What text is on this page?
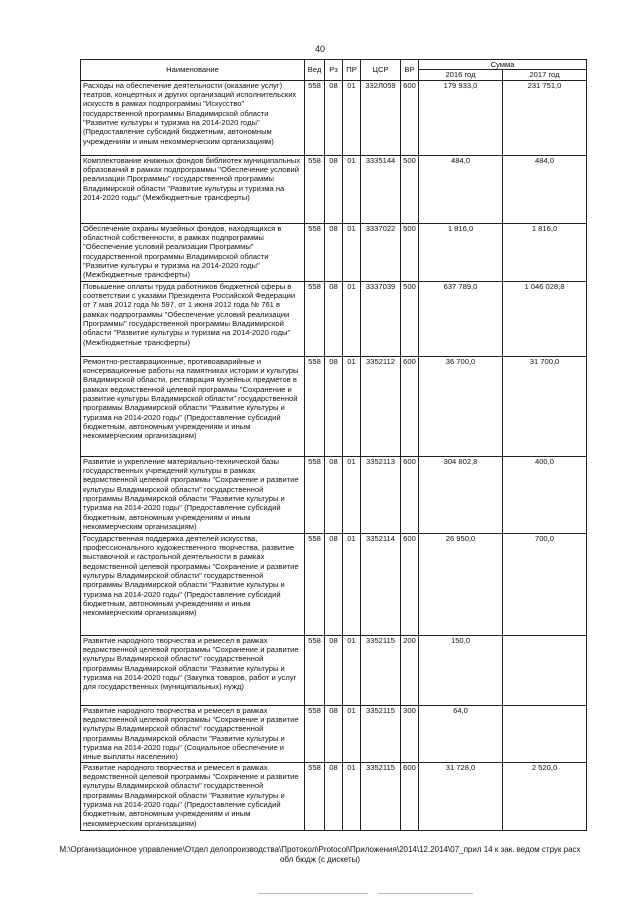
40
Наименование	Вед	Рз	ПР	ЦСР	ВР	Сумма	
						2016 год	2017 год
Расходы на обеспечение деятельности (оказание услуг) театров, концертных и других организаций исполнительских искусств в рамках подпрограммы "Искусство" государственной программы Владимирской области "Развитие культуры и туризма на 2014-2020 годы" (Предоставление субсидий бюджетным, автономным учреждениям и иным некоммерческим организациям)	558	08	01	332Л059	600	179 933,0	231 751,0
Комплектование книжных фондов библиотек муниципальных образований в рамках подпрограммы "Обеспечение условий реализации Программы" государственной программы Владимирской области "Развитие культуры и туризма на 2014-2020 годы" (Межбюджетные трансферты)	558	08	01	3335144	500	484,0	484,0
Обеспечение охраны музейных фондов, находящихся в областной собственности, в рамках подпрограммы "Обеспечение условий реализации Программы" государственной программы Владимирской области "Развитие культуры и туризма на 2014-2020 годы" (Межбюджетные трансферты)	558	08	01	3337022	500	1 816,0	1 816,0
Повышение оплаты труда работников бюджетной сферы в соответствии с указами Президента Российской Федерации от 7 мая 2012 года № 597, от 1 июня 2012 года № 761 в рамках подпрограммы "Обеспечение условий реализации Программы" государственной программы Владимирской области "Развитие культуры и туризма на 2014-2020 годы" (Межбюджетные трансферты)	558	08	01	3337039	500	637 789,0	1 046 028,8
Ремонтно-реставрационные, противоаварийные и консервационные работы на памятниках истории и культуры Владимирской области, реставрация музейных предметов в рамках ведомственной целевой программы "Сохранение и развитие культуры Владимирской области" государственной программы Владимирской области "Развитие культуры и туризма на 2014-2020 годы" (Предоставление субсидий бюджетным, автономным учреждениям и иным некоммерческим организациям)	558	08	01	3352112	600	36 700,0	31 700,0
Развитие и укрепление материально-технической базы государственных учреждений культуры в рамках ведомственной целевой программы "Сохранение и развитие культуры Владимирской области" государственной программы Владимирской области "Развитие культуры и туризма на 2014-2020 годы" (Предоставление субсидий бюджетным, автономным учреждениям и иным некоммерческим организациям)	558	08	01	3352113	600	304 802,8	400,0
Государственная поддержка деятелей искусства, профессионального художественного творчества, развитие выставочной и гастрольной деятельности в рамках ведомственной целевой программы "Сохранение и развитие культуры Владимирской области" государственной программы Владимирской области "Развитие культуры и туризма на 2014-2020 годы" (Предоставление субсидий бюджетным, автономным учреждениям и иным некоммерческим организациям)	558	08	01	3352114	600	26 950,0	700,0
Развитие народного творчества и ремесел в рамках ведомственной целевой программы "Сохранение и развитие культуры Владимирской области" государственной программы Владимирской области "Развитие культуры и туризма на 2014-2020 годы" (Закупка товаров, работ и услуг для государственных (муниципальных) нужд)	558	08	01	3352115	200	150,0	
Развитие народного творчества и ремесел в рамках ведомственной целевой программы "Сохранение и развитие культуры Владимирской области" государственной программы Владимирской области "Развитие культуры и туризма на 2014-2020 годы" (Социальное обеспечение и иные выплаты населению)	558	08	01	3352115	300	64,0	
Развитие народного творчества и ремесел в рамках ведомственной целевой программы "Сохранение и развитие культуры Владимирской области" государственной программы Владимирской области "Развитие культуры и туризма на 2014-2020 годы" (Предоставление субсидий бюджетным, автономным учреждениям и иным некоммерческим организациям)	558	08	01	3352115	600	31 728,0	2 520,0
M:\Организационное управление\Отдел делопроизводства\Протокол\Protocol\Приложения\2014\12.2014\07_прил 14 к зак. ведом струк расх
обл бюдж (с дискеты)
